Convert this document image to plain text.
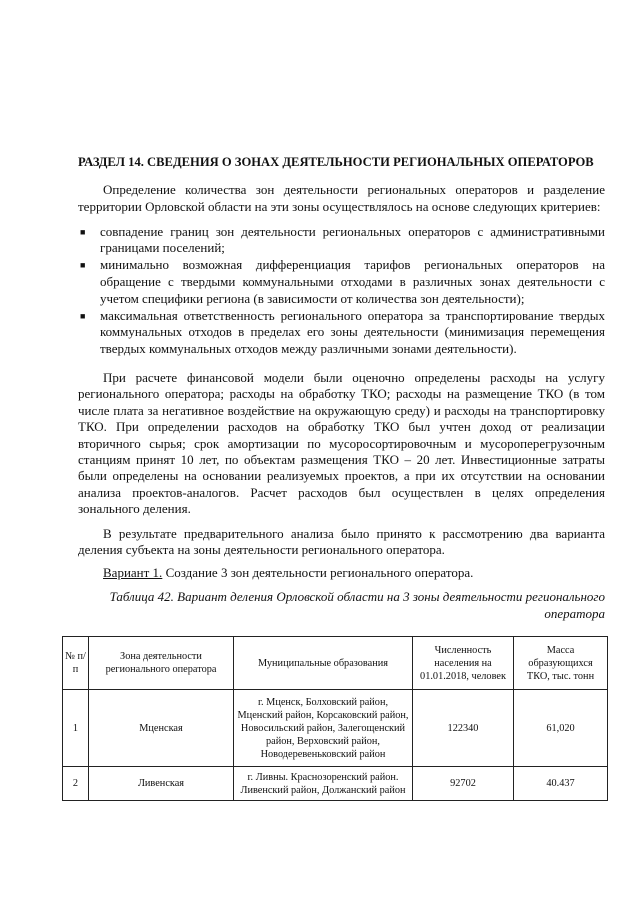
РАЗДЕЛ 14. СВЕДЕНИЯ О ЗОНАХ ДЕЯТЕЛЬНОСТИ РЕГИОНАЛЬНЫХ ОПЕРАТОРОВ
Определение количества зон деятельности региональных операторов и разделение территории Орловской области на эти зоны осуществлялось на основе следующих критериев:
■ совпадение границ зон деятельности региональных операторов с административными границами поселений;
■ минимально возможная дифференциация тарифов региональных операторов на обращение с твердыми коммунальными отходами в различных зонах деятельности с учетом специфики региона (в зависимости от количества зон деятельности);
■ максимальная ответственность регионального оператора за транспортирование твердых коммунальных отходов в пределах его зоны деятельности (минимизация перемещения твердых коммунальных отходов между различными зонами деятельности).
При расчете финансовой модели были оценочно определены расходы на услугу регионального оператора; расходы на обработку ТКО; расходы на размещение ТКО (в том числе плата за негативное воздействие на окружающую среду) и расходы на транспортировку ТКО. При определении расходов на обработку ТКО был учтен доход от реализации вторичного сырья; срок амортизации по мусоросортировочным и мусороперегрузочным станциям принят 10 лет, по объектам размещения ТКО – 20 лет. Инвестиционные затраты были определены на основании реализуемых проектов, а при их отсутствии на основании анализа проектов-аналогов. Расчет расходов был осуществлен в целях определения зонального деления.
В результате предварительного анализа было принято к рассмотрению два варианта деления субъекта на зоны деятельности регионального оператора.
Вариант 1. Создание 3 зон деятельности регионального оператора.
Таблица 42. Вариант деления Орловской области на 3 зоны деятельности регионального оператора
№ п/п	Зона деятельности регионального оператора	Муниципальные образования	Численность населения на 01.01.2018, человек	Масса образующихся ТКО, тыс. тонн
1	Мценская	г. Мценск, Болховский район, Мценский район, Корсаковский район, Новосильский район, Залегощенский район, Верховский район, Новодеревеньковский район	122340	61,020
2	Ливенская	г. Ливны. Краснозоренский район. Ливенский район, Должанский район	92702	40.437
